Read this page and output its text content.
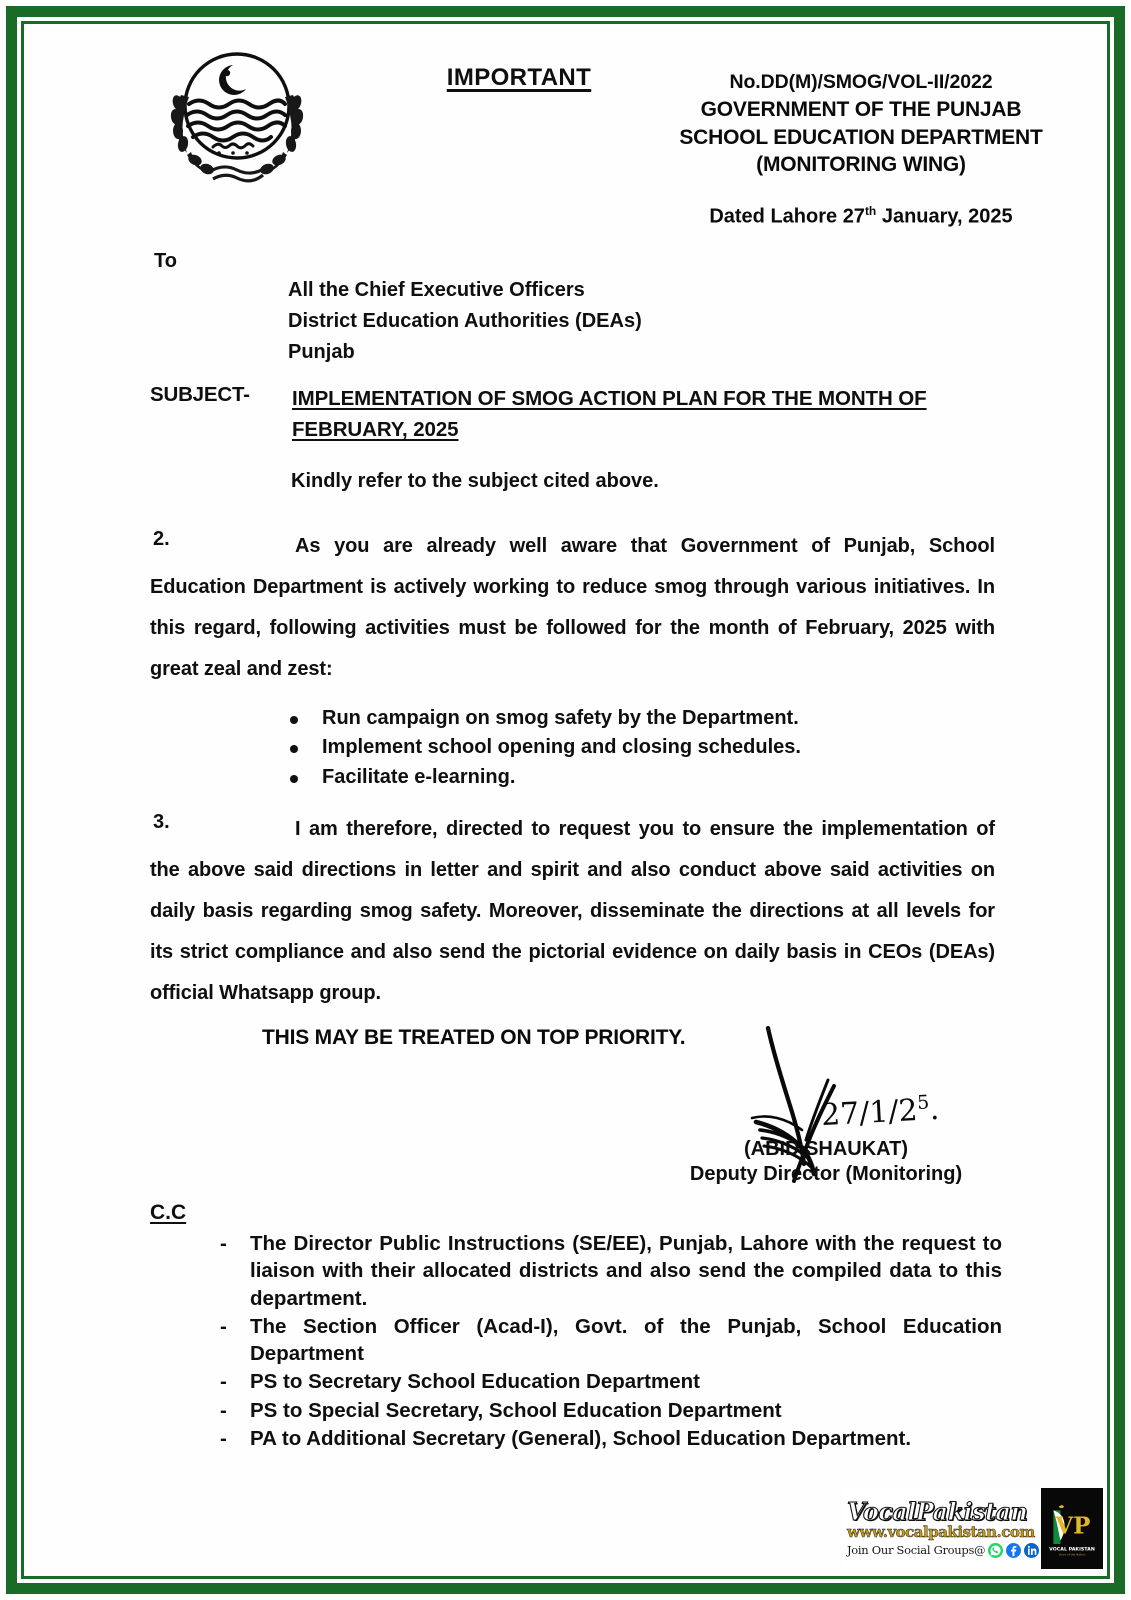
IMPORTANT	No.DD(M)/SMOG/VOL-II/2022
GOVERNMENT OF THE PUNJAB
SCHOOL EDUCATION DEPARTMENT
(MONITORING WING)
Dated Lahore 27th January, 2025
To
All the Chief Executive Officers
District Education Authorities (DEAs)
Punjab
SUBJECT- IMPLEMENTATION OF SMOG ACTION PLAN FOR THE MONTH OF FEBRUARY, 2025
Kindly refer to the subject cited above.
2.	As you are already well aware that Government of Punjab, School Education Department is actively working to reduce smog through various initiatives. In this regard, following activities must be followed for the month of February, 2025 with great zeal and zest:
Run campaign on smog safety by the Department.
Implement school opening and closing schedules.
Facilitate e-learning.
3.	I am therefore, directed to request you to ensure the implementation of the above said directions in letter and spirit and also conduct above said activities on daily basis regarding smog safety. Moreover, disseminate the directions at all levels for its strict compliance and also send the pictorial evidence on daily basis in CEOs (DEAs) official Whatsapp group.
THIS MAY BE TREATED ON TOP PRIORITY.
$27/1/2^5$.
(ABID SHAUKAT)
Deputy Director (Monitoring)
C.C
- The Director Public Instructions (SE/EE), Punjab, Lahore with the request to liaison with their allocated districts and also send the compiled data to this department.
- The Section Officer (Acad-I), Govt. of the Punjab, School Education Department
- PS to Secretary School Education Department
- PS to Special Secretary, School Education Department
- PA to Additional Secretary (General), School Education Department.
VocalPakistan
www.vocalpakistan.com
Join Our Social Groups@
VP
VOCAL PAKISTAN
Voice of the Nation
